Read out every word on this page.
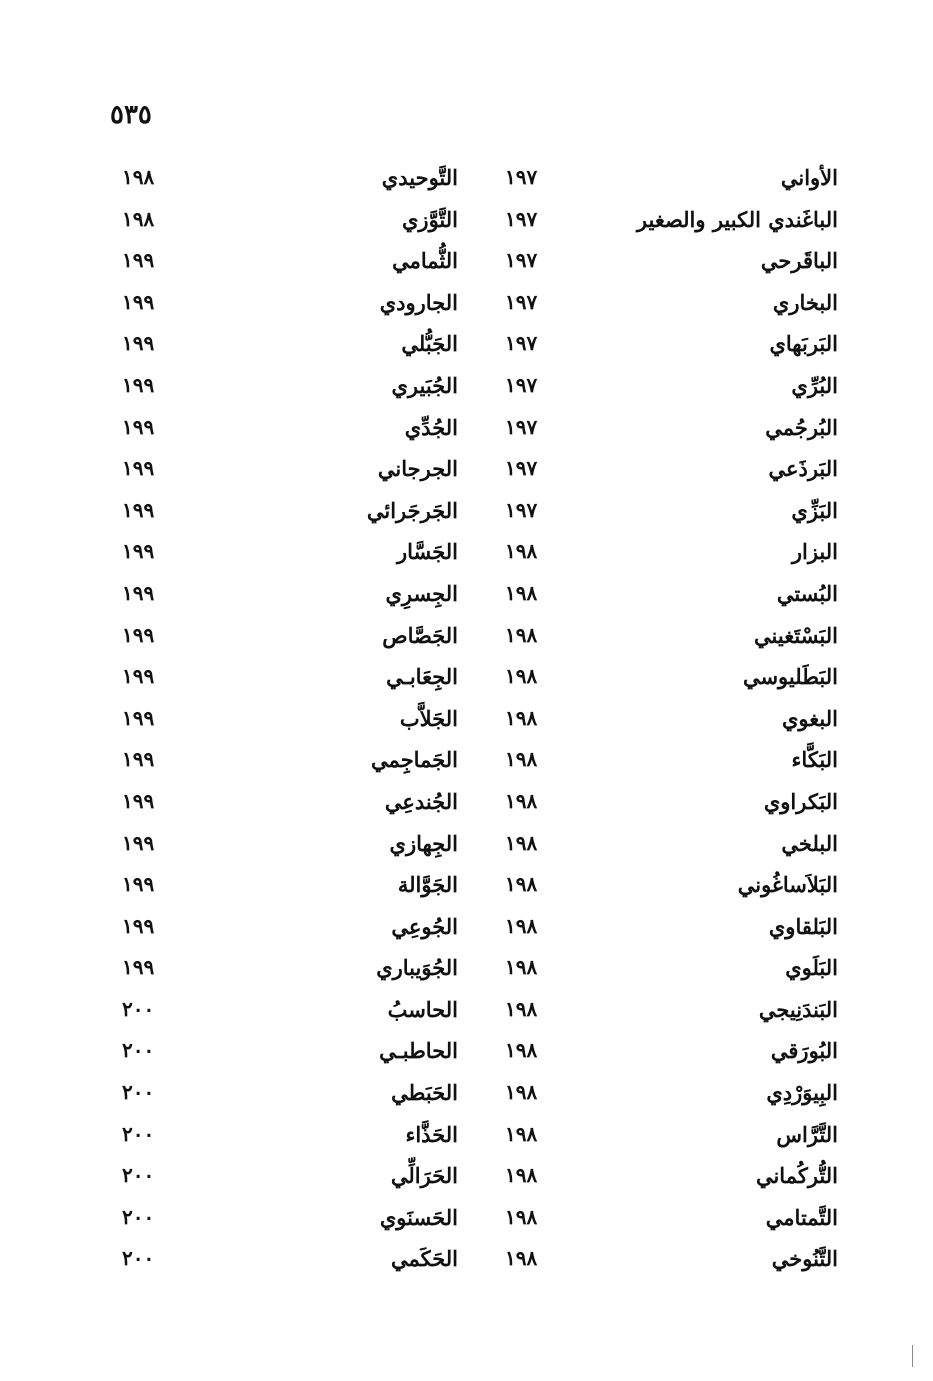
٥٣٥
الأواني
١٩٧
التَّوحيدي
١٩٨
الباغَندي الكبير والصغير
١٩٧
التَّوَّزي
١٩٨
الباقَرحي
١٩٧
الثُّمامي
١٩٩
البخاري
١٩٧
الجارودي
١٩٩
البَربَهاي
١٩٧
الجَبُّلي
١٩٩
البُرِّي
١٩٧
الجُبَيري
١٩٩
البُرجُمي
١٩٧
الجُدِّي
١٩٩
البَرذَعي
١٩٧
الجرجاني
١٩٩
البَزِّي
١٩٧
الجَرجَرائي
١٩٩
البزار
١٩٨
الجَسَّار
١٩٩
البُستي
١٩٨
الجِسرِي
١٩٩
البَسْتَغيني
١٩٨
الجَصَّاص
١٩٩
البَطَليوسي
١٩٨
الجِعَابـي
١٩٩
البغوي
١٩٨
الجَلاَّب
١٩٩
البَكَّاء
١٩٨
الجَماجِمي
١٩٩
البَكراوي
١٩٨
الجُندعِي
١٩٩
البلخي
١٩٨
الجِهازي
١٩٩
البَلاَساغُوني
١٩٨
الجَوَّالة
١٩٩
البَلقاوي
١٩٨
الجُوعِي
١٩٩
البَلَوي
١٩٨
الجُوَيباري
١٩٩
البَندَنِيجي
١٩٨
الحاسبُ
٢٠٠
البُورَقي
١٩٨
الحاطبـي
٢٠٠
البِيوَرْدِي
١٩٨
الحَبَطي
٢٠٠
التَّرَّاس
١٩٨
الحَذَّاء
٢٠٠
التُّركُماني
١٩٨
الحَرَالِّي
٢٠٠
التَّمتامي
١٩٨
الحَسنَوي
٢٠٠
التَّنُوخي
١٩٨
الحَكَمي
٢٠٠
